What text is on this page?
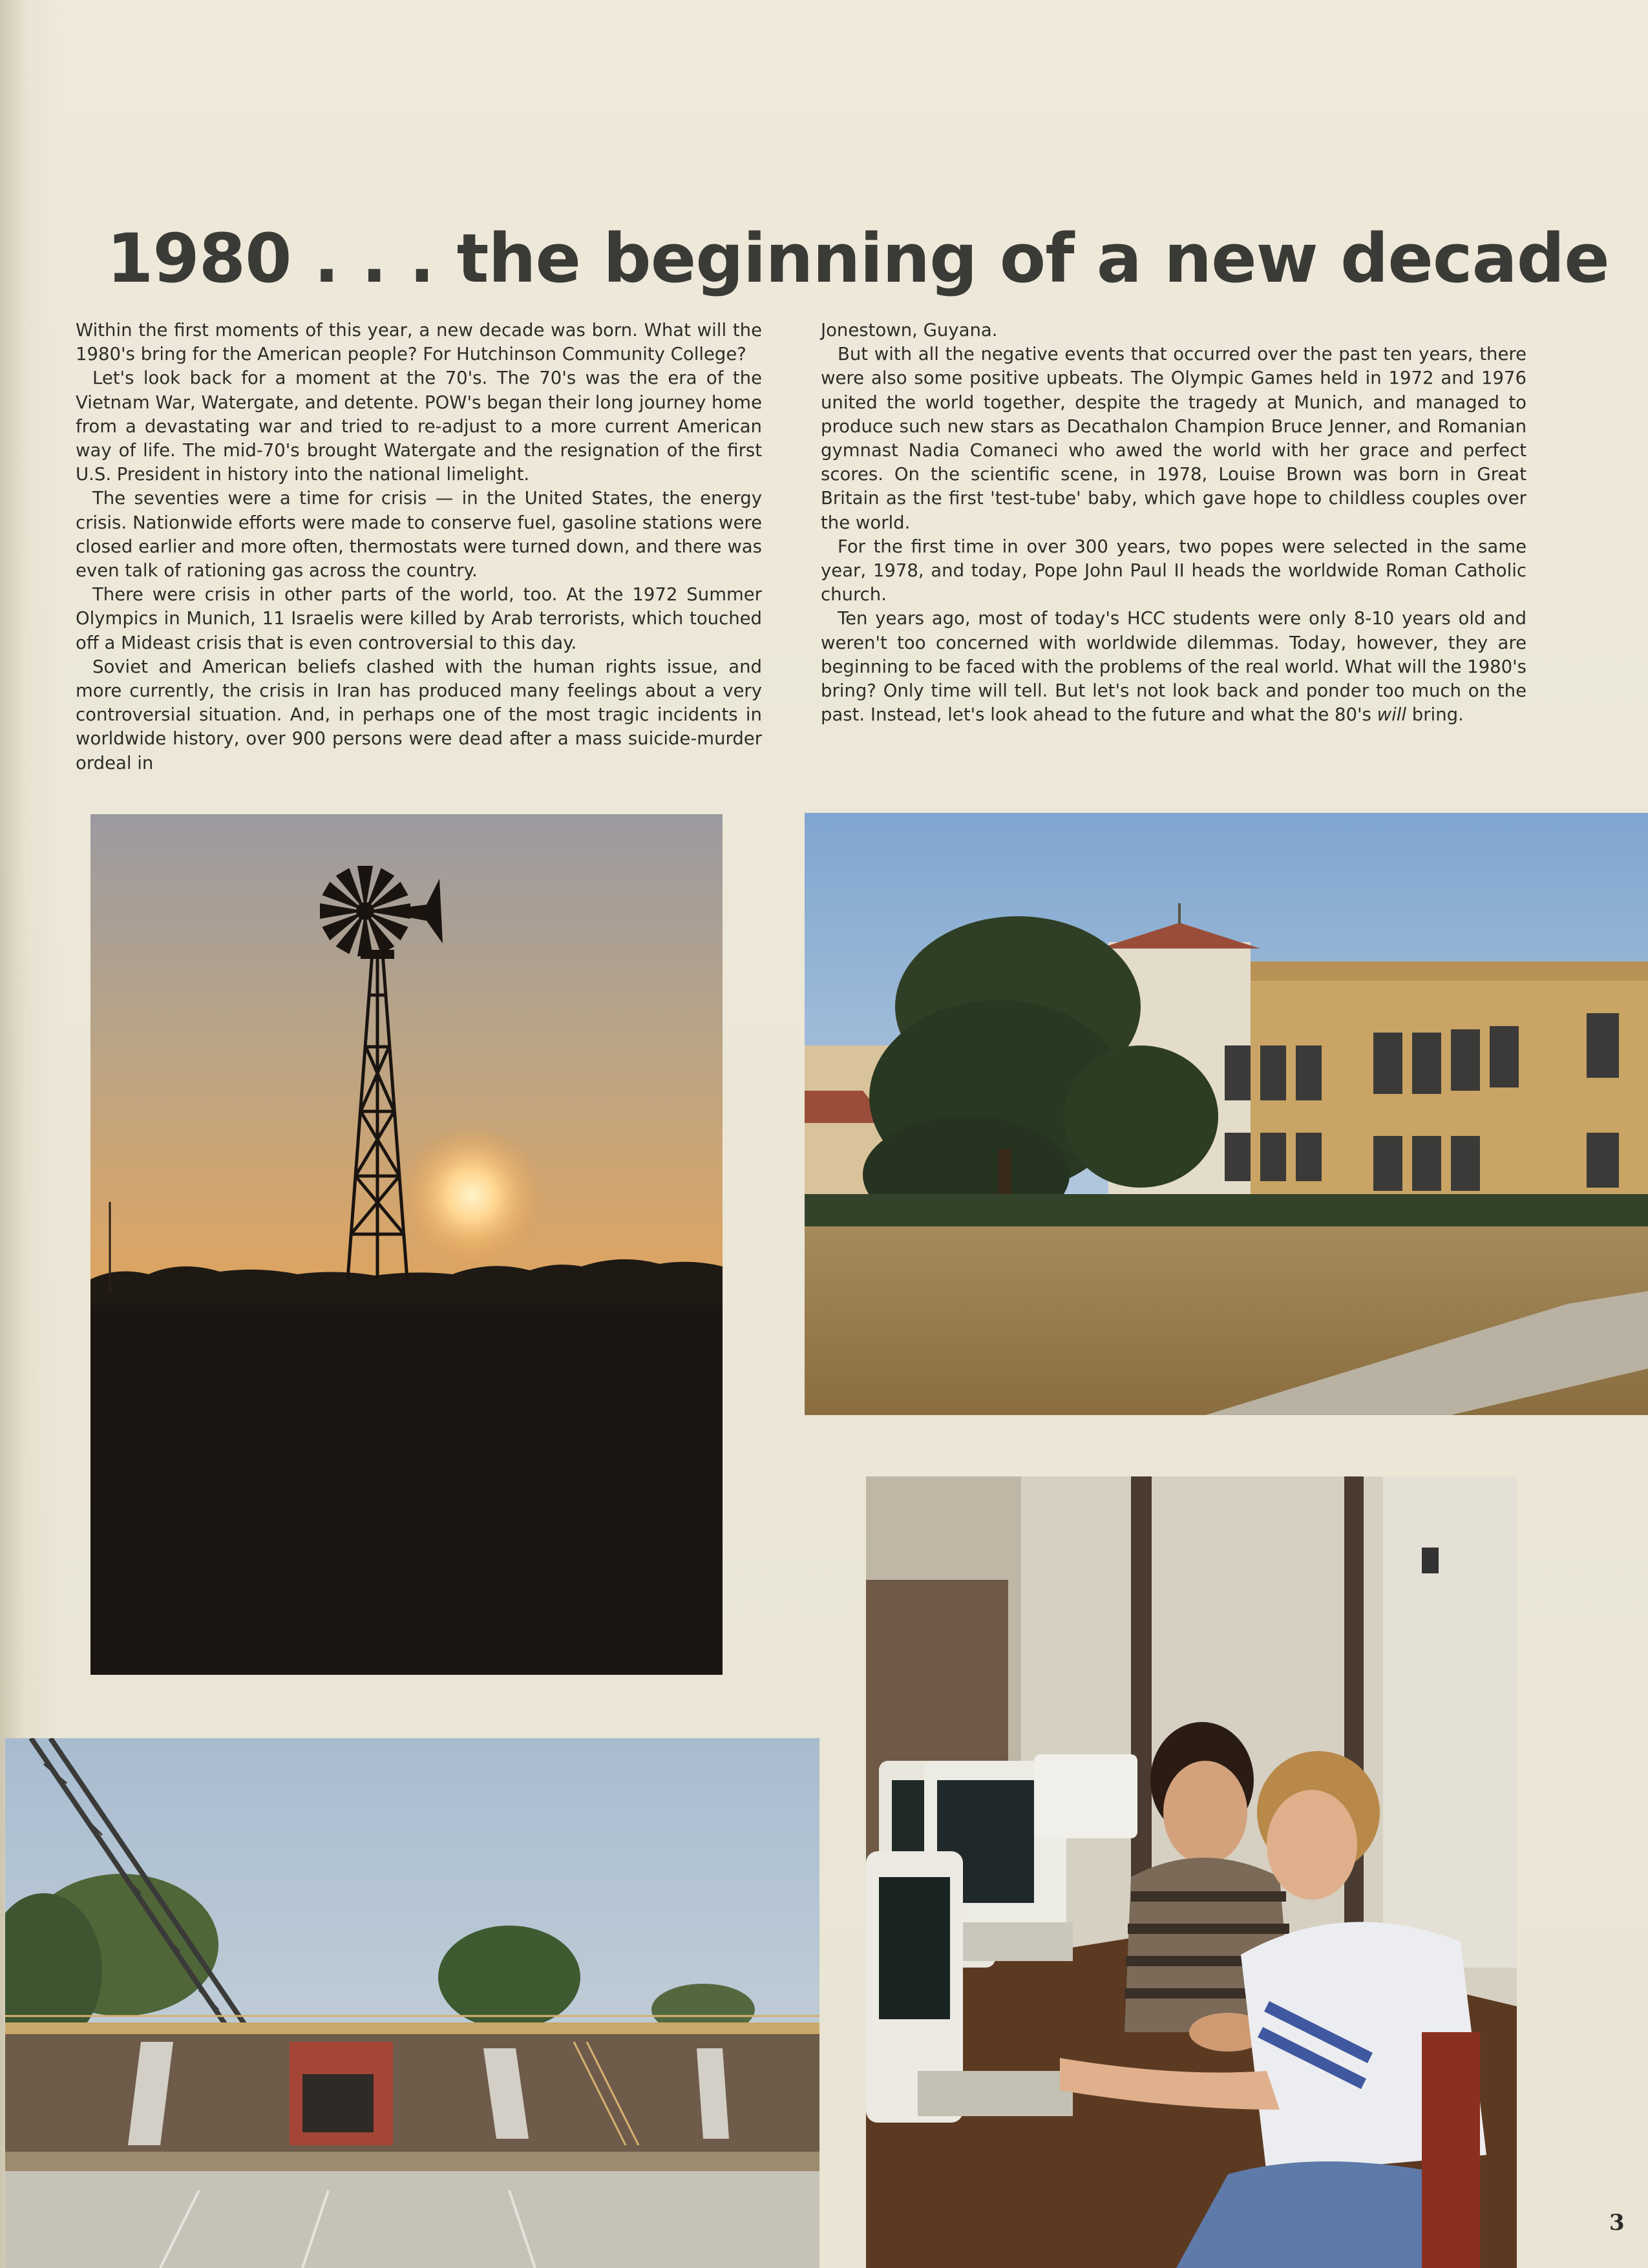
1980 . . . the beginning of a new decade

Within the first moments of this year, a new decade was born. What will the 1980's bring for the American people? For Hutchinson Community College?

Let's look back for a moment at the 70's. The 70's was the era of the Vietnam War, Watergate, and detente. POW's began their long journey home from a devastating war and tried to re-adjust to a more current American way of life. The mid-70's brought Watergate and the resignation of the first U.S. President in history into the national limelight.

The seventies were a time for crisis — in the United States, the energy crisis. Nationwide efforts were made to conserve fuel, gasoline stations were closed earlier and more often, thermostats were turned down, and there was even talk of rationing gas across the country.

There were crisis in other parts of the world, too. At the 1972 Summer Olympics in Munich, 11 Israelis were killed by Arab terrorists, which touched off a Mideast crisis that is even controversial to this day.

Soviet and American beliefs clashed with the human rights issue, and more currently, the crisis in Iran has produced many feelings about a very controversial situation. And, in perhaps one of the most tragic incidents in worldwide history, over 900 persons were dead after a mass suicide-murder ordeal in

Jonestown, Guyana.

But with all the negative events that occurred over the past ten years, there were also some positive upbeats. The Olympic Games held in 1972 and 1976 united the world together, despite the tragedy at Munich, and managed to produce such new stars as Decathalon Champion Bruce Jenner, and Romanian gymnast Nadia Comaneci who awed the world with her grace and perfect scores. On the scientific scene, in 1978, Louise Brown was born in Great Britain as the first 'test-tube' baby, which gave hope to childless couples over the world.

For the first time in over 300 years, two popes were selected in the same year, 1978, and today, Pope John Paul II heads the worldwide Roman Catholic church.

Ten years ago, most of today's HCC students were only 8-10 years old and weren't too concerned with worldwide dilemmas. Today, however, they are beginning to be faced with the problems of the real world. What will the 1980's bring? Only time will tell. But let's not look back and ponder too much on the past. Instead, let's look ahead to the future and what the 80's will bring.

3
